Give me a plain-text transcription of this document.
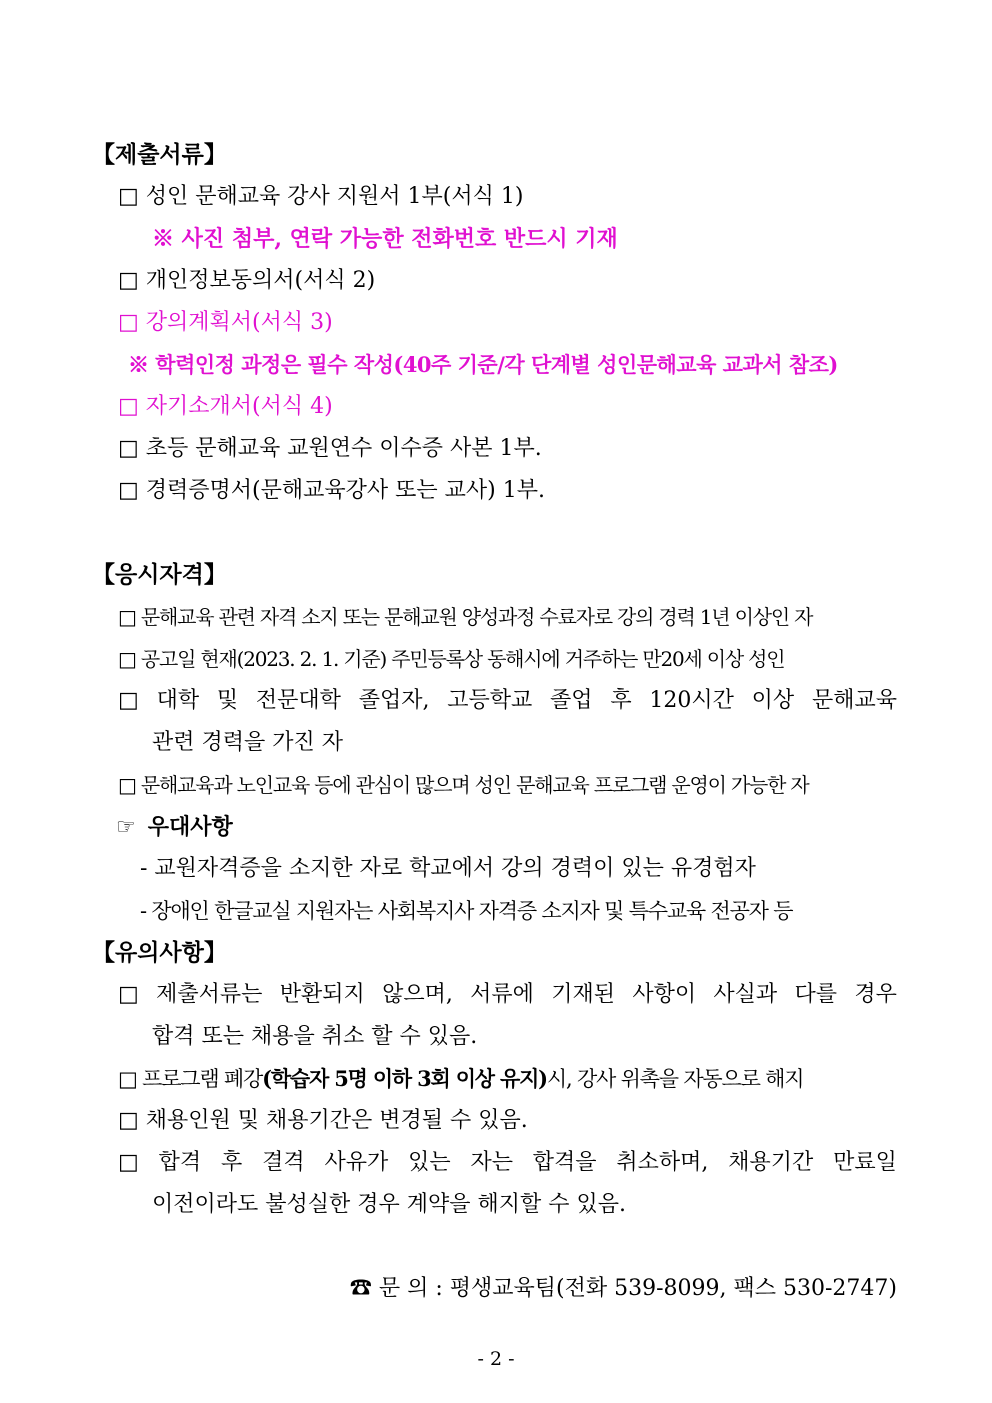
【제출서류】
□ 성인 문해교육 강사 지원서 1부(서식 1)
※ 사진 첨부, 연락 가능한 전화번호 반드시 기재
□ 개인정보동의서(서식 2)
□ 강의계획서(서식 3)
※ 학력인정 과정은 필수 작성(40주 기준/각 단계별 성인문해교육 교과서 참조)
□ 자기소개서(서식 4)
□ 초등 문해교육 교원연수 이수증 사본 1부.
□ 경력증명서(문해교육강사 또는 교사) 1부.
【응시자격】
□ 문해교육 관련 자격 소지 또는 문해교원 양성과정 수료자로 강의 경력 1년 이상인 자
□ 공고일 현재(2023. 2. 1. 기준) 주민등록상 동해시에 거주하는 만20세 이상 성인
□ 대학 및 전문대학 졸업자, 고등학교 졸업 후 120시간 이상 문해교육
관련 경력을 가진 자
□ 문해교육과 노인교육 등에 관심이 많으며 성인 문해교육 프로그램 운영이 가능한 자
☞ 우대사항
- 교원자격증을 소지한 자로 학교에서 강의 경력이 있는 유경험자
- 장애인 한글교실 지원자는 사회복지사 자격증 소지자 및 특수교육 전공자 등
【유의사항】
□ 제출서류는 반환되지 않으며, 서류에 기재된 사항이 사실과 다를 경우
합격 또는 채용을 취소 할 수 있음.
□ 프로그램 폐강(학습자 5명 이하 3회 이상 유지)시, 강사 위촉을 자동으로 해지
□ 채용인원 및 채용기간은 변경될 수 있음.
□ 합격 후 결격 사유가 있는 자는 합격을 취소하며, 채용기간 만료일
이전이라도 불성실한 경우 계약을 해지할 수 있음.
☎ 문 의 : 평생교육팀(전화 539-8099, 팩스 530-2747)
- 2 -
